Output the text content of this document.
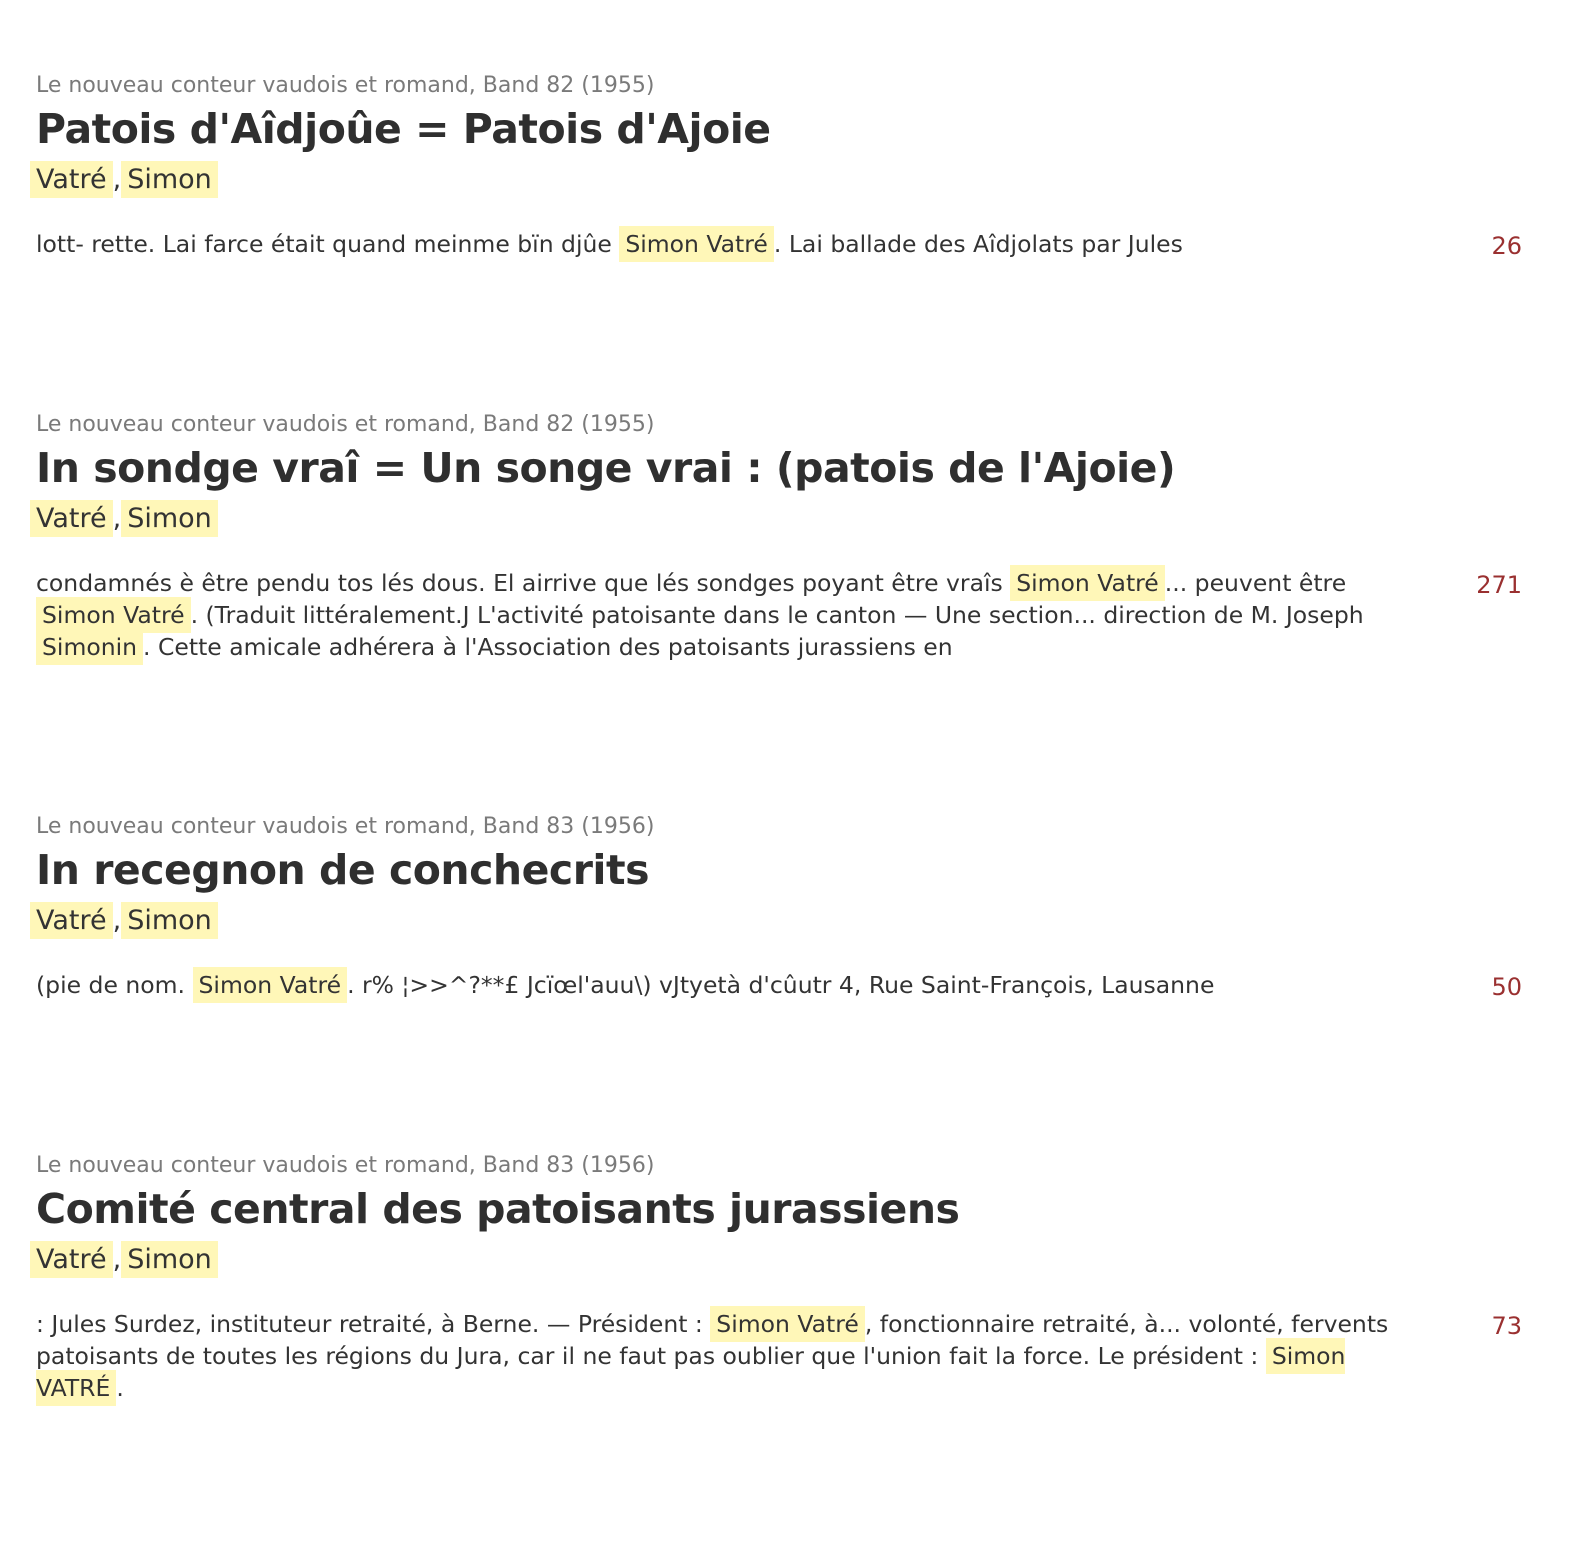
Le nouveau conteur vaudois et romand, Band 82 (1955)
Patois d'Aîdjoûe = Patois d'Ajoie
Vatré , Simon
lott- rette. Lai farce était quand meinme bïn djûe Simon Vatré . Lai ballade des Aîdjolats par Jules	26
Le nouveau conteur vaudois et romand, Band 82 (1955)
In sondge vraî = Un songe vrai : (patois de l'Ajoie)
Vatré , Simon
condamnés è être pendu tos lés dous. El airrive que lés sondges poyant être vraîs Simon Vatré ... peuvent être Simon Vatré . (Traduit littéralement.J L'activité patoisante dans le canton — Une section... direction de M. Joseph Simonin . Cette amicale adhérera à l'Association des patoisants jurassiens en
271
Le nouveau conteur vaudois et romand, Band 83 (1956)
In recegnon de conchecrits
Vatré , Simon
(pie de nom. Simon Vatré . r% ¦>>^?**£ Jcïœl'auu\) vJtyetà d'cûutr 4, Rue Saint-François, Lausanne	50
Le nouveau conteur vaudois et romand, Band 83 (1956)
Comité central des patoisants jurassiens
Vatré , Simon
: Jules Surdez, instituteur retraité, à Berne. — Président : Simon Vatré , fonctionnaire retraité, à... volonté, fervents patoisants de toutes les régions du Jura, car il ne faut pas oublier que l'union fait la force. Le président : Simon VATRÉ .
73
